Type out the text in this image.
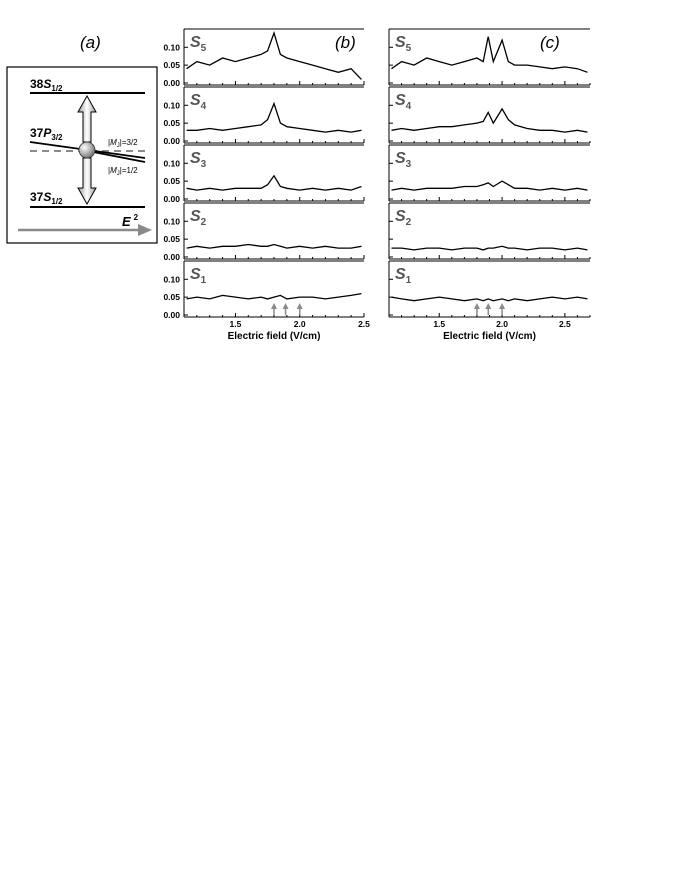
(a)
$38S_{1/2}$
$37P_{3/2}$
$|M_J|=3/2$
$|M_J|=1/2$
$37S_{1/2}$
E $^2$
(b)
0.00
0.05
0.10 $S_5$
0.00
0.05
0.10 $S_4$
0.00
0.05
0.10 $S_3$
0.00
0.05
0.10 $S_2$
0.00
0.05
0.10 $S_1$
1.5	2.0	2.5
Electric field (V/cm)
(c)
$S_5$
$S_4$
$S_3$
$S_2$
$S_1$
1.5	2.0	2.5
Electric field (V/cm)
